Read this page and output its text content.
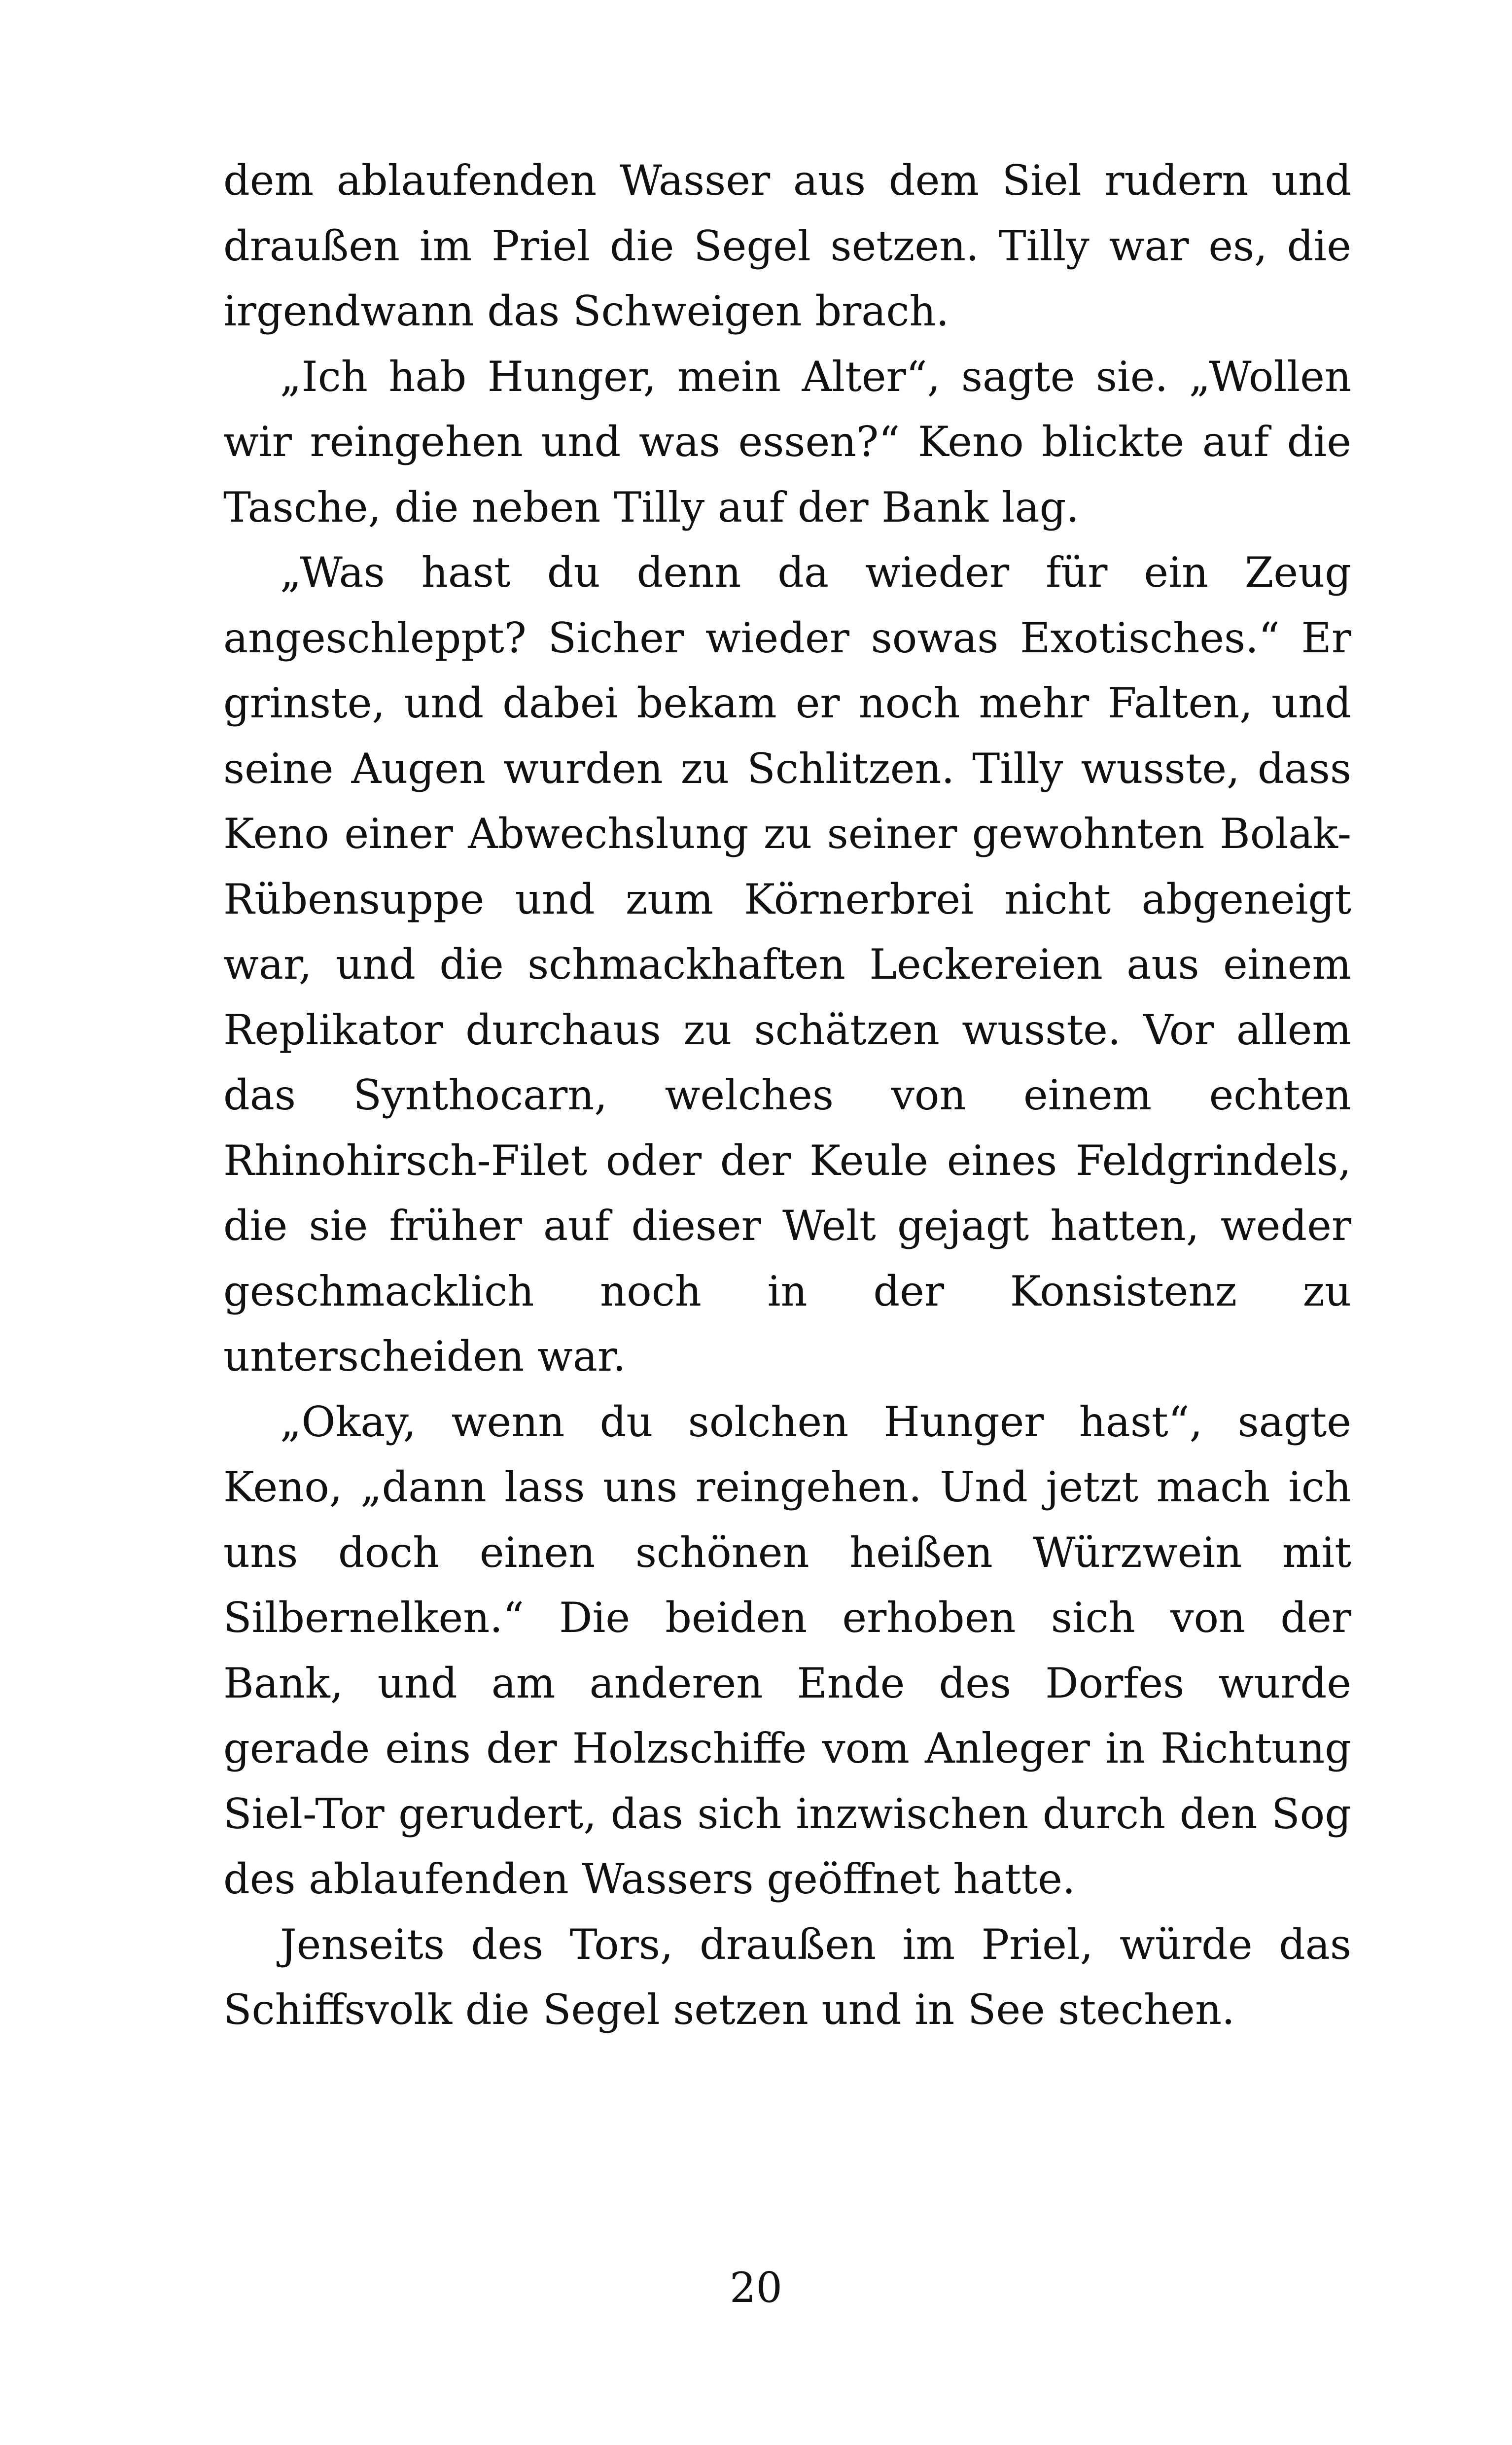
dem ablaufenden Wasser aus dem Siel rudern und draußen im Priel die Segel setzen. Tilly war es, die irgendwann das Schweigen brach.

„Ich hab Hunger, mein Alter“, sagte sie. „Wollen wir reingehen und was essen?“ Keno blickte auf die Tasche, die neben Tilly auf der Bank lag.

„Was hast du denn da wieder für ein Zeug angeschleppt? Sicher wieder sowas Exotisches.“ Er grinste, und dabei bekam er noch mehr Falten, und seine Augen wurden zu Schlitzen. Tilly wusste, dass Keno einer Abwechslung zu seiner gewohnten Bolak-Rübensuppe und zum Körnerbrei nicht abgeneigt war, und die schmackhaften Leckereien aus einem Replikator durchaus zu schätzen wusste. Vor allem das Synthocarn, welches von einem echten Rhinohirsch-Filet oder der Keule eines Feldgrindels, die sie früher auf dieser Welt gejagt hatten, weder geschmacklich noch in der Konsistenz zu unterscheiden war.

„Okay, wenn du solchen Hunger hast“, sagte Keno, „dann lass uns reingehen. Und jetzt mach ich uns doch einen schönen heißen Würzwein mit Silbernelken.“ Die beiden erhoben sich von der Bank, und am anderen Ende des Dorfes wurde gerade eins der Holzschiffe vom Anleger in Richtung Siel-Tor gerudert, das sich inzwischen durch den Sog des ablaufenden Wassers geöffnet hatte.

Jenseits des Tors, draußen im Priel, würde das Schiffsvolk die Segel setzen und in See stechen.

20
